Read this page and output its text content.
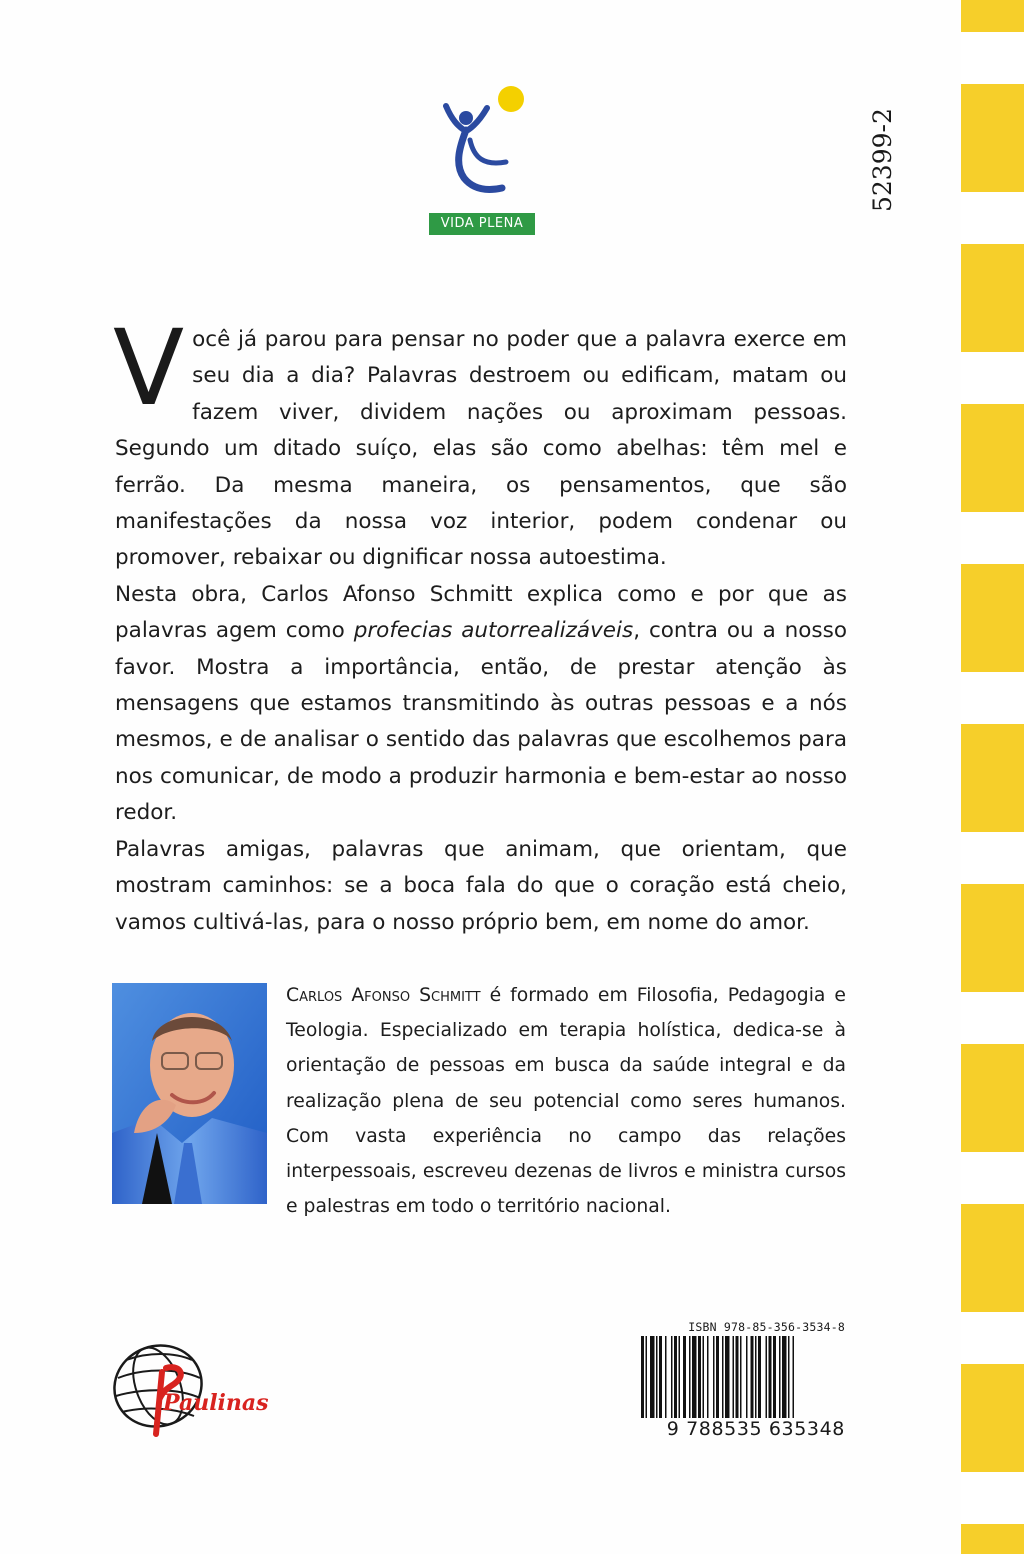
VIDA PLENA
52399-2

Você já parou para pensar no poder que a palavra exerce em seu dia a dia? Palavras destroem ou edificam, matam ou fazem viver, dividem nações ou aproximam pessoas. Segundo um ditado suíço, elas são como abelhas: têm mel e ferrão. Da mesma maneira, os pensamentos, que são manifestações da nossa voz interior, podem condenar ou promover, rebaixar ou dignificar nossa autoestima.

Nesta obra, Carlos Afonso Schmitt explica como e por que as palavras agem como profecias autorrealizáveis, contra ou a nosso favor. Mostra a importância, então, de prestar atenção às mensagens que estamos transmitindo às outras pessoas e a nós mesmos, e de analisar o sentido das palavras que escolhemos para nos comunicar, de modo a produzir harmonia e bem-estar ao nosso redor.

Palavras amigas, palavras que animam, que orientam, que mostram caminhos: se a boca fala do que o coração está cheio, vamos cultivá-las, para o nosso próprio bem, em nome do amor.

Carlos Afonso Schmitt é formado em Filosofia, Pedagogia e Teologia. Especializado em terapia holística, dedica-se à orientação de pessoas em busca da saúde integral e da realização plena de seu potencial como seres humanos. Com vasta experiência no campo das relações interpessoais, escreveu dezenas de livros e ministra cursos e palestras em todo o território nacional.
ISBN 978-85-356-3534-8
9 788535 635348
Paulinas
